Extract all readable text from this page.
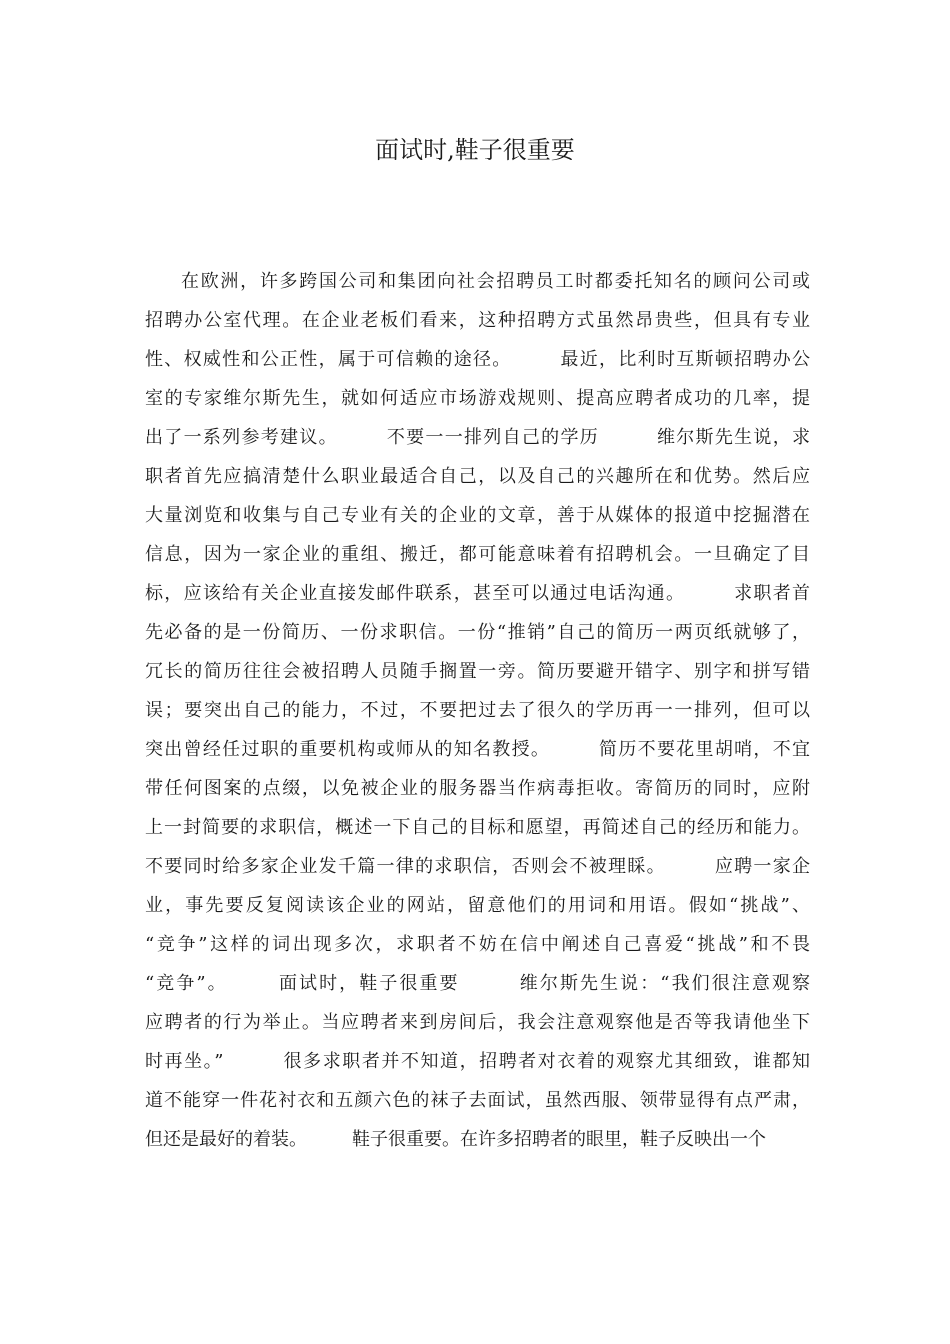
面试时,鞋子很重要
在欧洲，许多跨国公司和集团向社会招聘员工时都委托知名的顾问公司或
招聘办公室代理。在企业老板们看来，这种招聘方式虽然昂贵些，但具有专业
性、权威性和公正性，属于可信赖的途径。　　　最近，比利时互斯顿招聘办公
室的专家维尔斯先生，就如何适应市场游戏规则、提高应聘者成功的几率，提
出了一系列参考建议。　　　不要一一排列自己的学历　　　维尔斯先生说，求
职者首先应搞清楚什么职业最适合自己，以及自己的兴趣所在和优势。然后应
大量浏览和收集与自己专业有关的企业的文章，善于从媒体的报道中挖掘潜在
信息，因为一家企业的重组、搬迁，都可能意味着有招聘机会。一旦确定了目
标，应该给有关企业直接发邮件联系，甚至可以通过电话沟通。　　　求职者首
先必备的是一份简历、一份求职信。一份“推销”自己的简历一两页纸就够了，
冗长的简历往往会被招聘人员随手搁置一旁。简历要避开错字、别字和拼写错
误；要突出自己的能力，不过，不要把过去了很久的学历再一一排列，但可以
突出曾经任过职的重要机构或师从的知名教授。　　　简历不要花里胡哨，不宜
带任何图案的点缀，以免被企业的服务器当作病毒拒收。寄简历的同时，应附
上一封简要的求职信，概述一下自己的目标和愿望，再简述自己的经历和能力。
不要同时给多家企业发千篇一律的求职信，否则会不被理睬。　　　应聘一家企
业，事先要反复阅读该企业的网站，留意他们的用词和用语。假如“挑战”、
“竞争”这样的词出现多次，求职者不妨在信中阐述自己喜爱“挑战”和不畏
“竞争”。　　　面试时，鞋子很重要　　　维尔斯先生说：“我们很注意观察
应聘者的行为举止。当应聘者来到房间后，我会注意观察他是否等我请他坐下
时再坐。”　　　很多求职者并不知道，招聘者对衣着的观察尤其细致，谁都知
道不能穿一件花衬衣和五颜六色的袜子去面试，虽然西服、领带显得有点严肃，
但还是最好的着装。　　　鞋子很重要。在许多招聘者的眼里，鞋子反映出一个
